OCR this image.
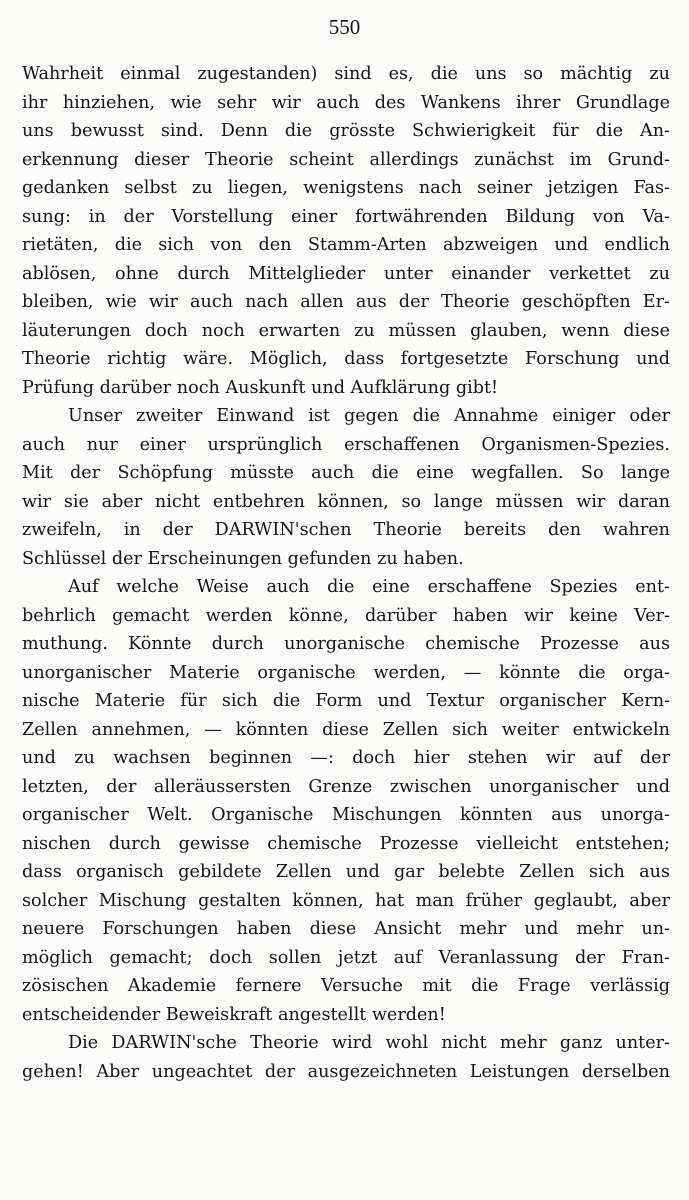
550
Wahrheit einmal zugestanden) sind es, die uns so mächtig zu
ihr hinziehen, wie sehr wir auch des Wankens ihrer Grundlage
uns bewusst sind. Denn die grösste Schwierigkeit für die An-
erkennung dieser Theorie scheint allerdings zunächst im Grund-
gedanken selbst zu liegen, wenigstens nach seiner jetzigen Fas-
sung: in der Vorstellung einer fortwährenden Bildung von Va-
rietäten, die sich von den Stamm-Arten abzweigen und endlich
ablösen, ohne durch Mittelglieder unter einander verkettet zu
bleiben, wie wir auch nach allen aus der Theorie geschöpften Er-
läuterungen doch noch erwarten zu müssen glauben, wenn diese
Theorie richtig wäre. Möglich, dass fortgesetzte Forschung und
Prüfung darüber noch Auskunft und Aufklärung gibt!
Unser zweiter Einwand ist gegen die Annahme einiger oder
auch nur einer ursprünglich erschaffenen Organismen-Spezies.
Mit der Schöpfung müsste auch die eine wegfallen. So lange
wir sie aber nicht entbehren können, so lange müssen wir daran
zweifeln, in der DARWIN'schen Theorie bereits den wahren
Schlüssel der Erscheinungen gefunden zu haben.
Auf welche Weise auch die eine erschaffene Spezies ent-
behrlich gemacht werden könne, darüber haben wir keine Ver-
muthung. Könnte durch unorganische chemische Prozesse aus
unorganischer Materie organische werden, — könnte die orga-
nische Materie für sich die Form und Textur organischer Kern-
Zellen annehmen, — könnten diese Zellen sich weiter entwickeln
und zu wachsen beginnen —: doch hier stehen wir auf der
letzten, der alleräussersten Grenze zwischen unorganischer und
organischer Welt. Organische Mischungen könnten aus unorga-
nischen durch gewisse chemische Prozesse vielleicht entstehen;
dass organisch gebildete Zellen und gar belebte Zellen sich aus
solcher Mischung gestalten können, hat man früher geglaubt, aber
neuere Forschungen haben diese Ansicht mehr und mehr un-
möglich gemacht; doch sollen jetzt auf Veranlassung der Fran-
zösischen Akademie fernere Versuche mit die Frage verlässig
entscheidender Beweiskraft angestellt werden!
Die DARWIN'sche Theorie wird wohl nicht mehr ganz unter-
gehen! Aber ungeachtet der ausgezeichneten Leistungen derselben
